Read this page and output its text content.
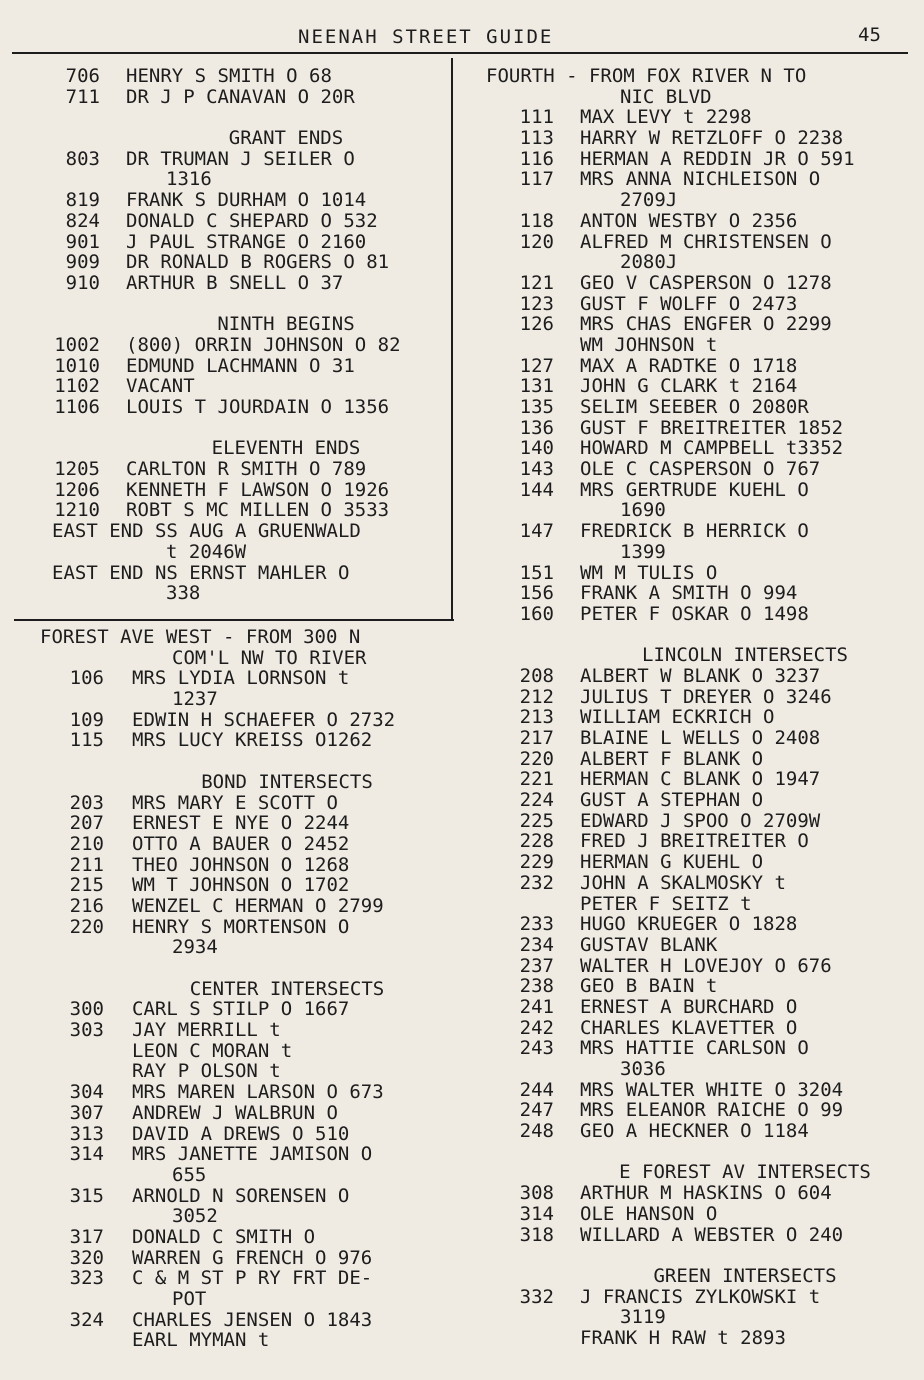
NEENAH STREET GUIDE	45
706 HENRY S SMITH O 68
711 DR J P CANAVAN O 20R
GRANT ENDS
803 DR TRUMAN J SEILER O
1316
819 FRANK S DURHAM O 1014
824 DONALD C SHEPARD O 532
901 J PAUL STRANGE O 2160
909 DR RONALD B ROGERS O 81
910 ARTHUR B SNELL O 37
NINTH BEGINS
1002 (800) ORRIN JOHNSON O 82
1010 EDMUND LACHMANN O 31
1102 VACANT
1106 LOUIS T JOURDAIN O 1356
ELEVENTH ENDS
1205 CARLTON R SMITH O 789
1206 KENNETH F LAWSON O 1926
1210 ROBT S MC MILLEN O 3533
EAST END SS AUG A GRUENWALD
t 2046W
EAST END NS ERNST MAHLER O
338
FOREST AVE WEST - FROM 300 N
COM'L NW TO RIVER
106 MRS LYDIA LORNSON t
1237
109 EDWIN H SCHAEFER O 2732
115 MRS LUCY KREISS O1262
BOND INTERSECTS
203 MRS MARY E SCOTT O
207 ERNEST E NYE O 2244
210 OTTO A BAUER O 2452
211 THEO JOHNSON O 1268
215 WM T JOHNSON O 1702
216 WENZEL C HERMAN O 2799
220 HENRY S MORTENSON O
2934
CENTER INTERSECTS
300 CARL S STILP O 1667
303 JAY MERRILL t
LEON C MORAN t
RAY P OLSON t
304 MRS MAREN LARSON O 673
307 ANDREW J WALBRUN O
313 DAVID A DREWS O 510
314 MRS JANETTE JAMISON O
655
315 ARNOLD N SORENSEN O
3052
317 DONALD C SMITH O
320 WARREN G FRENCH O 976
323 C & M ST P RY FRT DE-
POT
324 CHARLES JENSEN O 1843
EARL MYMAN t
FOURTH - FROM FOX RIVER N TO
NIC BLVD
111 MAX LEVY t 2298
113 HARRY W RETZLOFF O 2238
116 HERMAN A REDDIN JR O 591
117 MRS ANNA NICHLEISON O
2709J
118 ANTON WESTBY O 2356
120 ALFRED M CHRISTENSEN O
2080J
121 GEO V CASPERSON O 1278
123 GUST F WOLFF O 2473
126 MRS CHAS ENGFER O 2299
WM JOHNSON t
127 MAX A RADTKE O 1718
131 JOHN G CLARK t 2164
135 SELIM SEEBER O 2080R
136 GUST F BREITREITER 1852
140 HOWARD M CAMPBELL t3352
143 OLE C CASPERSON O 767
144 MRS GERTRUDE KUEHL O
1690
147 FREDRICK B HERRICK O
1399
151 WM M TULIS O
156 FRANK A SMITH O 994
160 PETER F OSKAR O 1498
LINCOLN INTERSECTS
208 ALBERT W BLANK O 3237
212 JULIUS T DREYER O 3246
213 WILLIAM ECKRICH O
217 BLAINE L WELLS O 2408
220 ALBERT F BLANK O
221 HERMAN C BLANK O 1947
224 GUST A STEPHAN O
225 EDWARD J SPOO O 2709W
228 FRED J BREITREITER O
229 HERMAN G KUEHL O
232 JOHN A SKALMOSKY t
PETER F SEITZ t
233 HUGO KRUEGER O 1828
234 GUSTAV BLANK
237 WALTER H LOVEJOY O 676
238 GEO B BAIN t
241 ERNEST A BURCHARD O
242 CHARLES KLAVETTER O
243 MRS HATTIE CARLSON O
3036
244 MRS WALTER WHITE O 3204
247 MRS ELEANOR RAICHE O 99
248 GEO A HECKNER O 1184
E FOREST AV INTERSECTS
308 ARTHUR M HASKINS O 604
314 OLE HANSON O
318 WILLARD A WEBSTER O 240
GREEN INTERSECTS
332 J FRANCIS ZYLKOWSKI t
3119
FRANK H RAW t 2893
